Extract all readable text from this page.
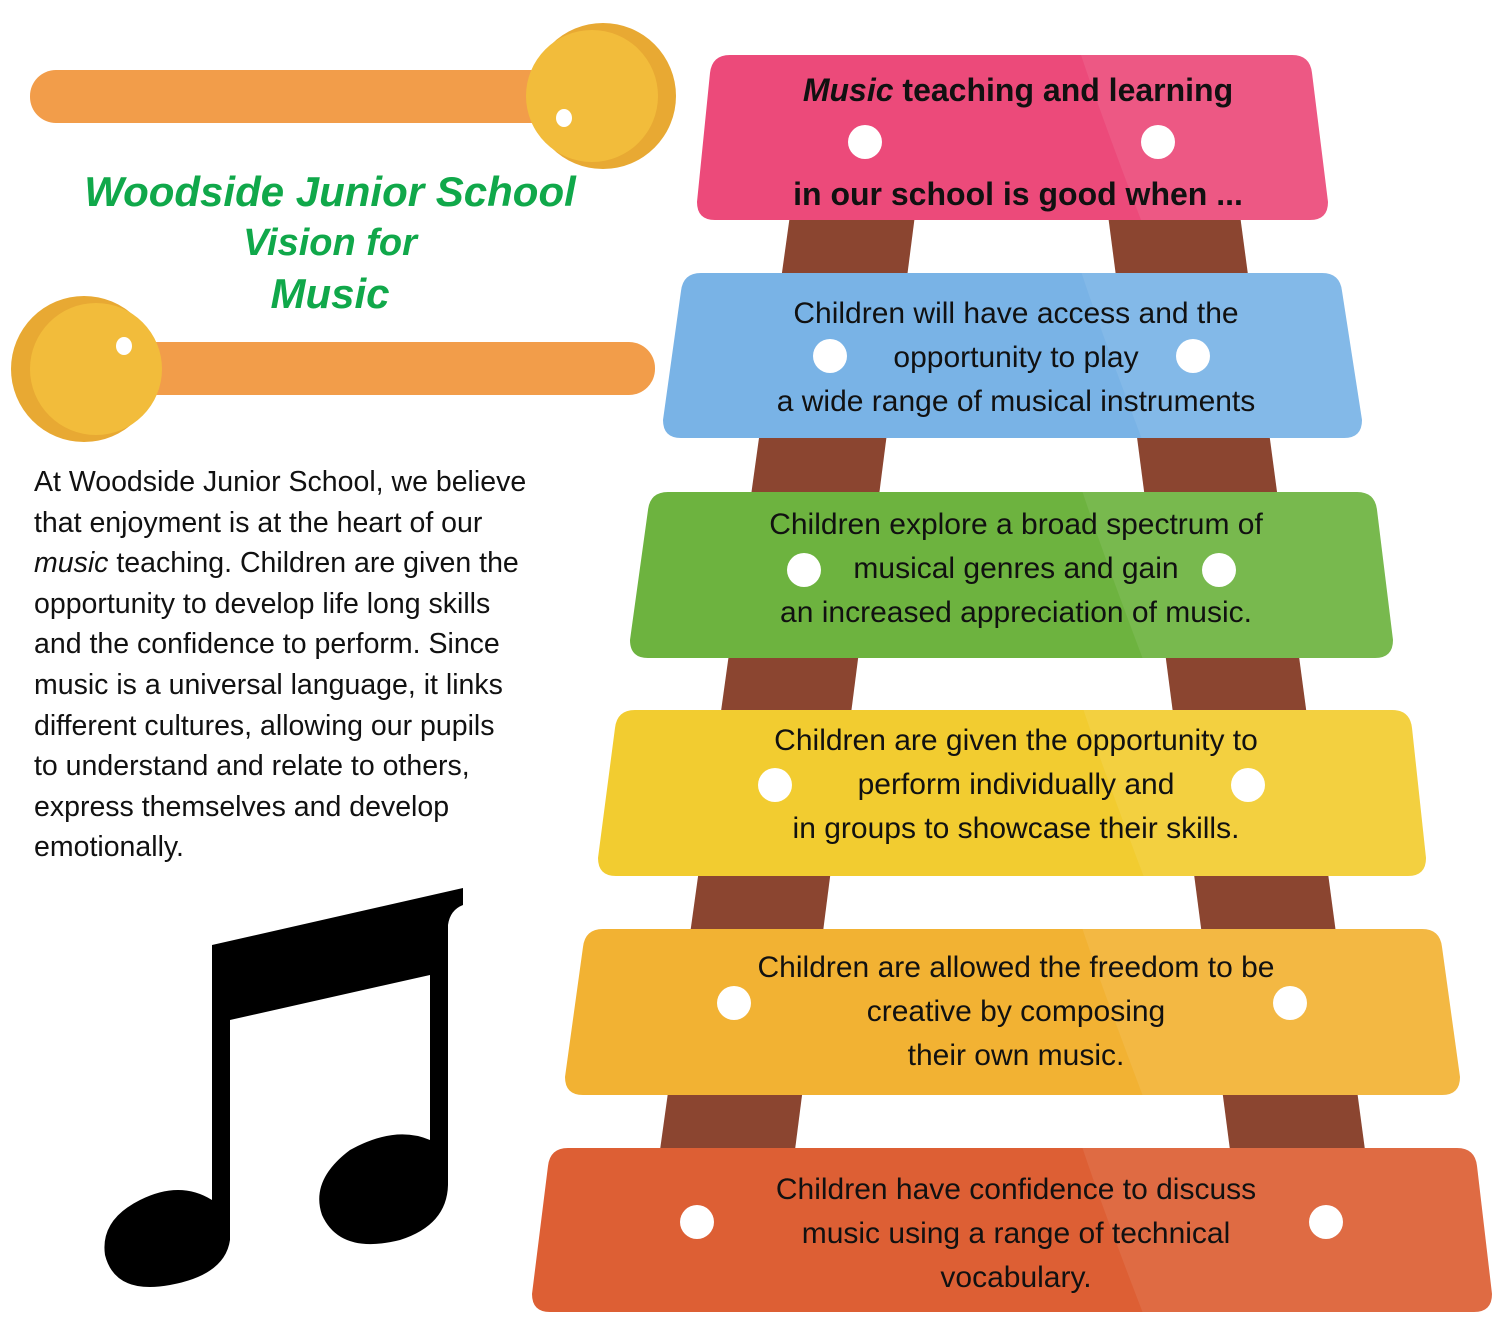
Woodside Junior School
Vision for
Music
At Woodside Junior School, we believe
that enjoyment is at the heart of our
music teaching. Children are given the
opportunity to develop life long skills
and the confidence to perform. Since
music is a universal language, it links
different cultures, allowing our pupils
to understand and relate to others,
express themselves and develop
emotionally.
Music teaching and learning
in our school is good when ...
Children will have access and the
opportunity to play
a wide range of musical instruments
Children explore a broad spectrum of
musical genres and gain
an increased appreciation of music.
Children are given the opportunity to
perform individually and
in groups to showcase their skills.
Children are allowed the freedom to be
creative by composing
their own music.
Children have confidence to discuss
music using a range of technical
vocabulary.
